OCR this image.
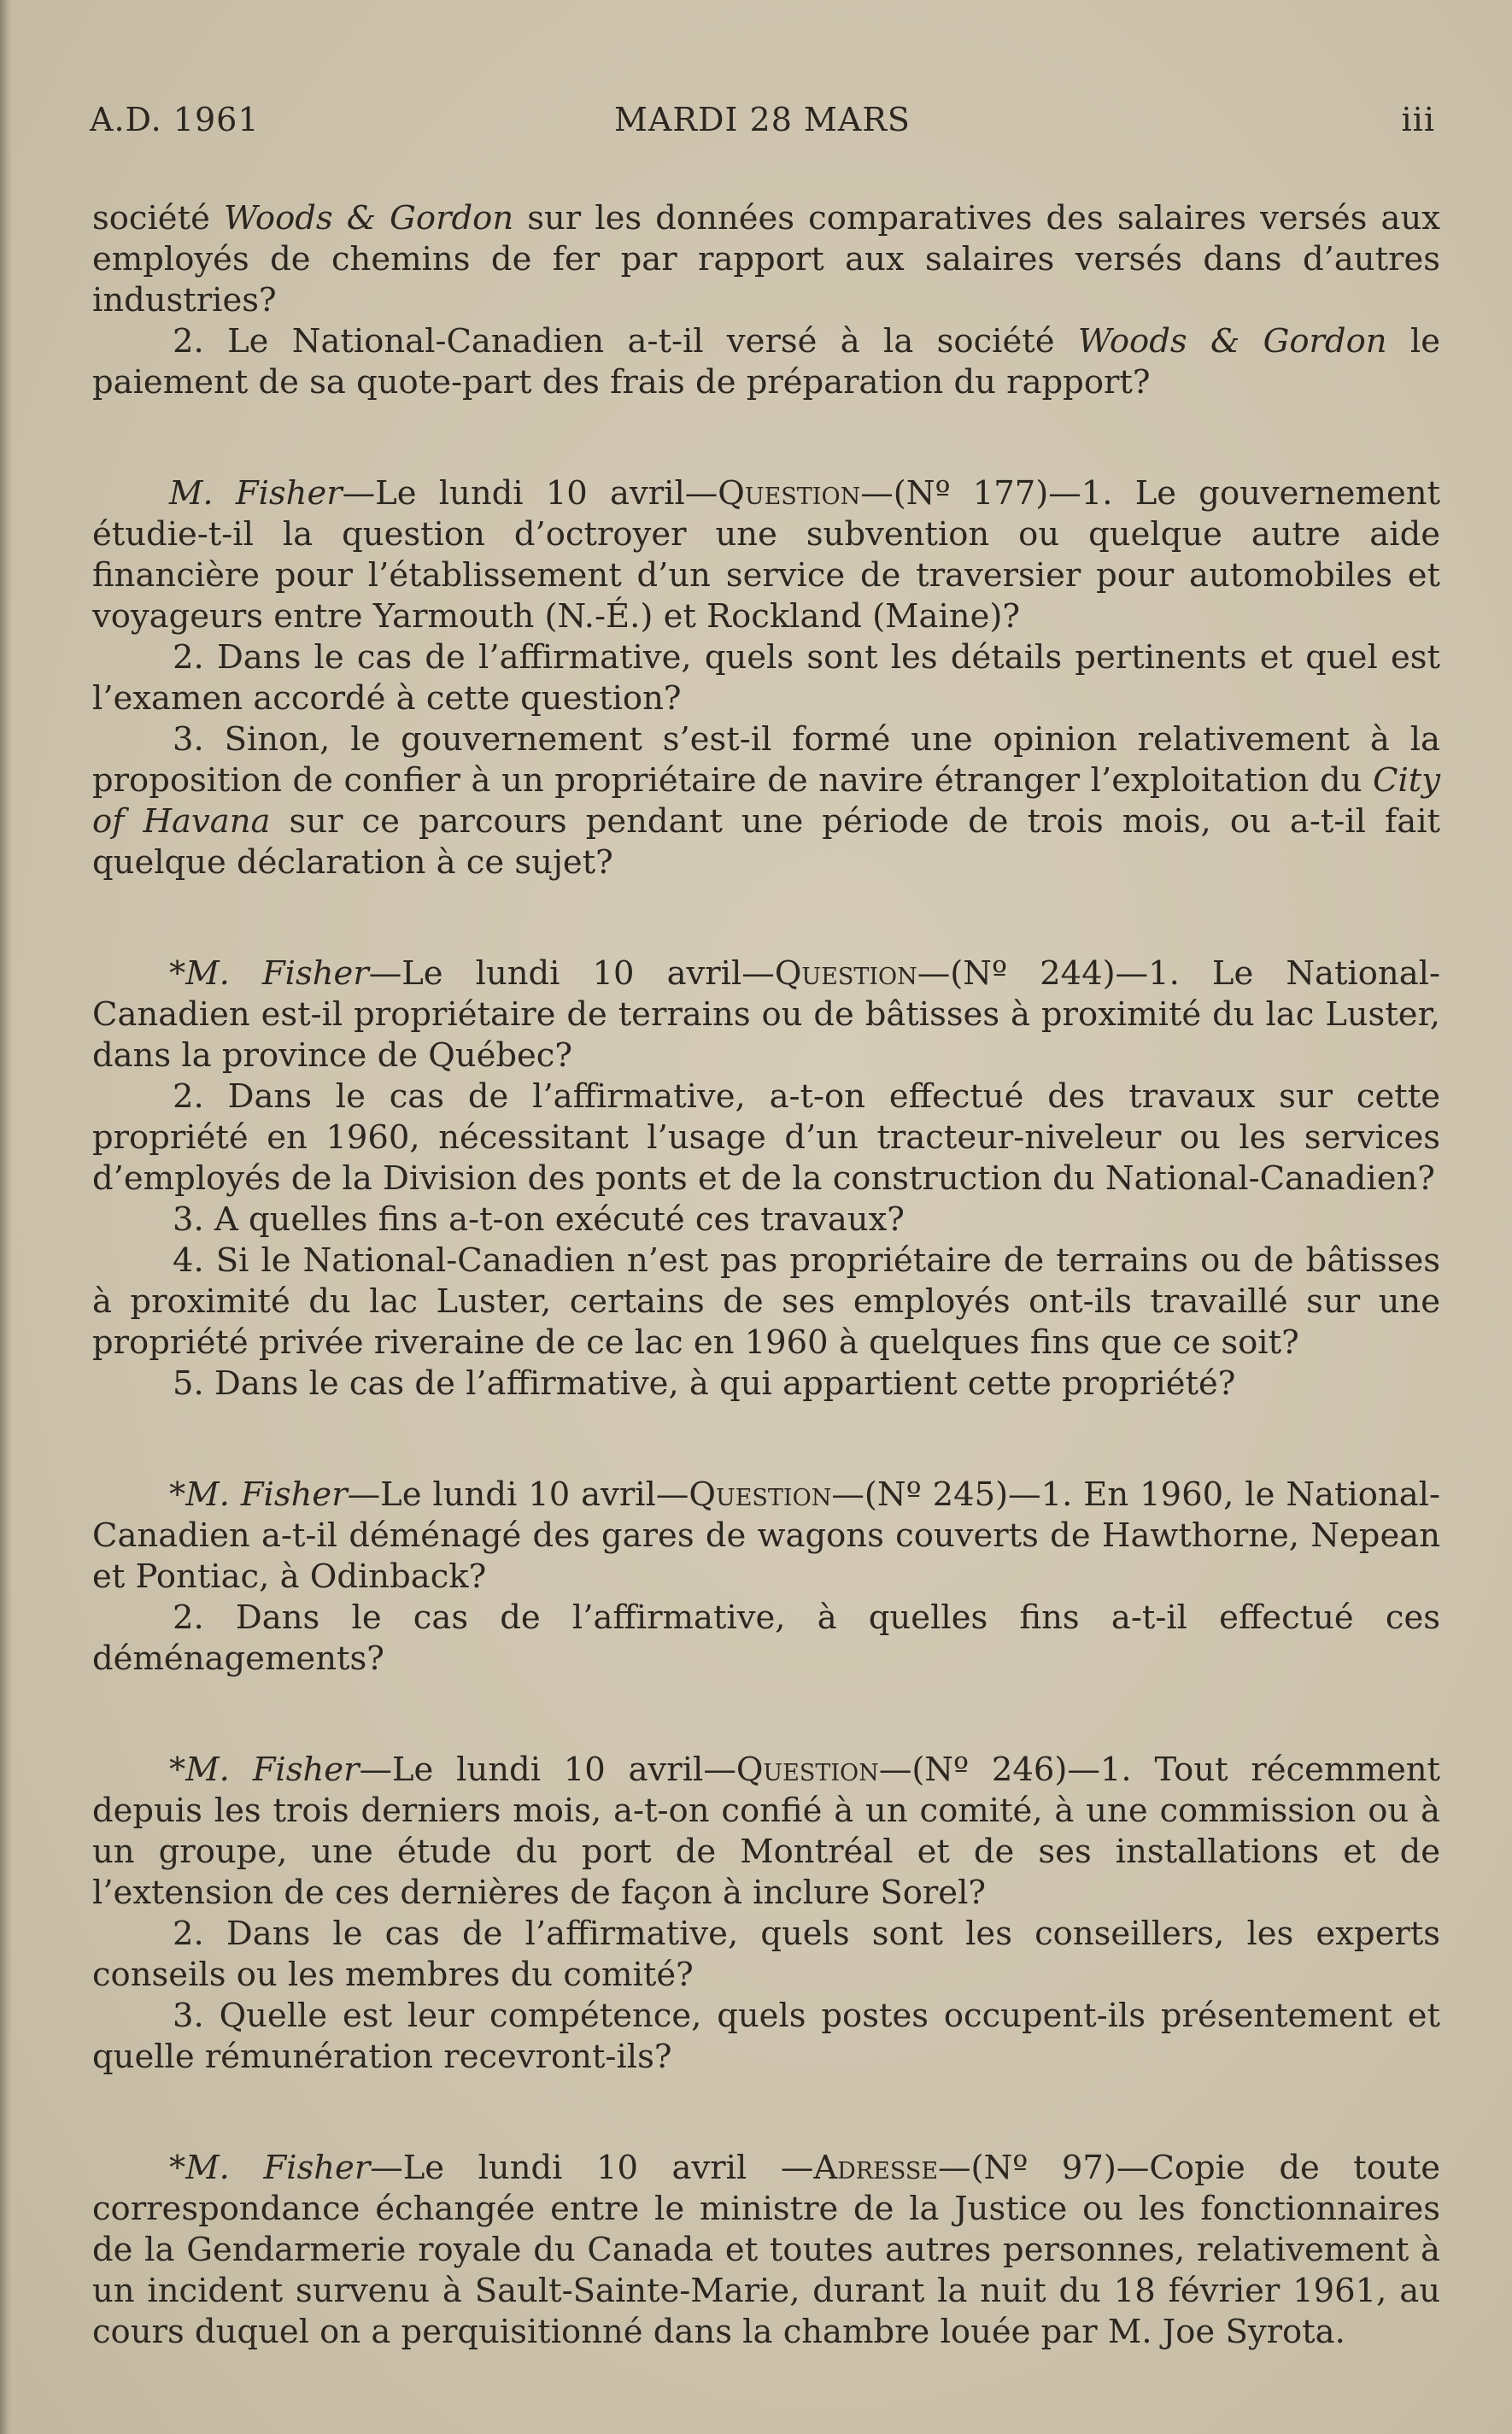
A.D. 1961	MARDI 28 MARS	iii

société Woods & Gordon sur les données comparatives des salaires versés aux employés de chemins de fer par rapport aux salaires versés dans d’autres industries?

2. Le National-Canadien a-t-il versé à la société Woods & Gordon le paiement de sa quote-part des frais de préparation du rapport?

M. Fisher—Le lundi 10 avril—Question—(Nº 177)—1. Le gouvernement étudie-t-il la question d’octroyer une subvention ou quelque autre aide financière pour l’établissement d’un service de traversier pour automobiles et voyageurs entre Yarmouth (N.-É.) et Rockland (Maine)?

2. Dans le cas de l’affirmative, quels sont les détails pertinents et quel est l’examen accordé à cette question?

3. Sinon, le gouvernement s’est-il formé une opinion relativement à la proposition de confier à un propriétaire de navire étranger l’exploitation du City of Havana sur ce parcours pendant une période de trois mois, ou a-t-il fait quelque déclaration à ce sujet?

*M. Fisher—Le lundi 10 avril—Question—(Nº 244)—1. Le National-Canadien est-il propriétaire de terrains ou de bâtisses à proximité du lac Luster, dans la province de Québec?

2. Dans le cas de l’affirmative, a-t-on effectué des travaux sur cette propriété en 1960, nécessitant l’usage d’un tracteur-niveleur ou les services d’employés de la Division des ponts et de la construction du National-Canadien?

3. A quelles fins a-t-on exécuté ces travaux?

4. Si le National-Canadien n’est pas propriétaire de terrains ou de bâtisses à proximité du lac Luster, certains de ses employés ont-ils travaillé sur une propriété privée riveraine de ce lac en 1960 à quelques fins que ce soit?

5. Dans le cas de l’affirmative, à qui appartient cette propriété?

*M. Fisher—Le lundi 10 avril—Question—(Nº 245)—1. En 1960, le National-Canadien a-t-il déménagé des gares de wagons couverts de Hawthorne, Nepean et Pontiac, à Odinback?

2. Dans le cas de l’affirmative, à quelles fins a-t-il effectué ces déménagements?

*M. Fisher—Le lundi 10 avril—Question—(Nº 246)—1. Tout récemment depuis les trois derniers mois, a-t-on confié à un comité, à une commission ou à un groupe, une étude du port de Montréal et de ses installations et de l’extension de ces dernières de façon à inclure Sorel?

2. Dans le cas de l’affirmative, quels sont les conseillers, les experts conseils ou les membres du comité?

3. Quelle est leur compétence, quels postes occupent-ils présentement et quelle rémunération recevront-ils?

*M. Fisher—Le lundi 10 avril —Adresse—(Nº 97)—Copie de toute correspondance échangée entre le ministre de la Justice ou les fonctionnaires de la Gendarmerie royale du Canada et toutes autres personnes, relativement à un incident survenu à Sault-Sainte-Marie, durant la nuit du 18 février 1961, au cours duquel on a perquisitionné dans la chambre louée par M. Joe Syrota.
